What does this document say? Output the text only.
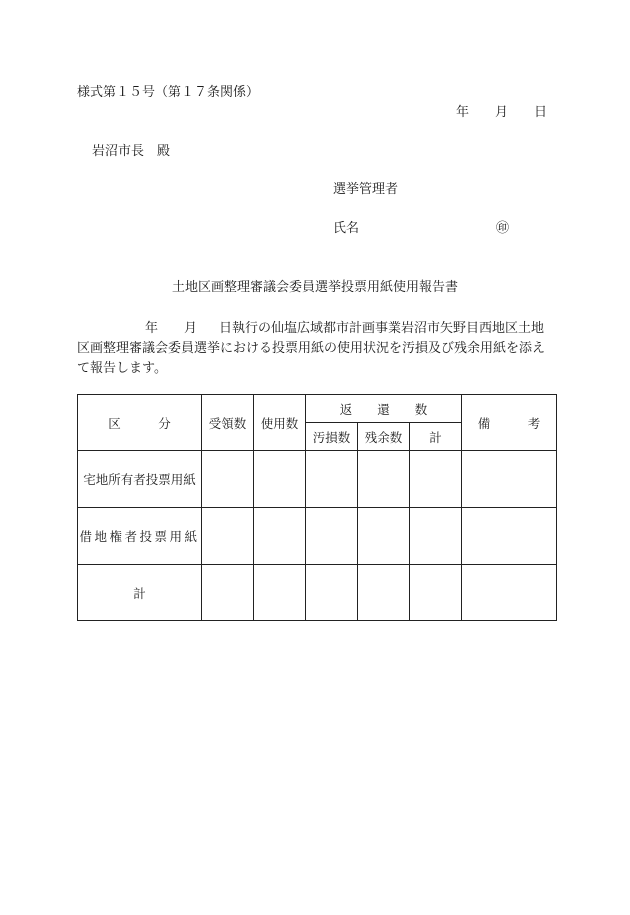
様式第１５号（第１７条関係）
年 月 日
岩沼市長　殿
選挙管理者
氏名	㊞
土地区画整理審議会委員選挙投票用紙使用報告書
年 月 日執行の仙塩広域都市計画事業岩沼市矢野目西地区土地区画整理審議会委員選挙における投票用紙の使用状況を汚損及び残余用紙を添えて報告します。
区　　　分	受領数	使用数	返　　還　　数			備　　　考
			汚損数	残余数	計	
宅地所有者投票用紙						
借地権者投票用紙						
計						
